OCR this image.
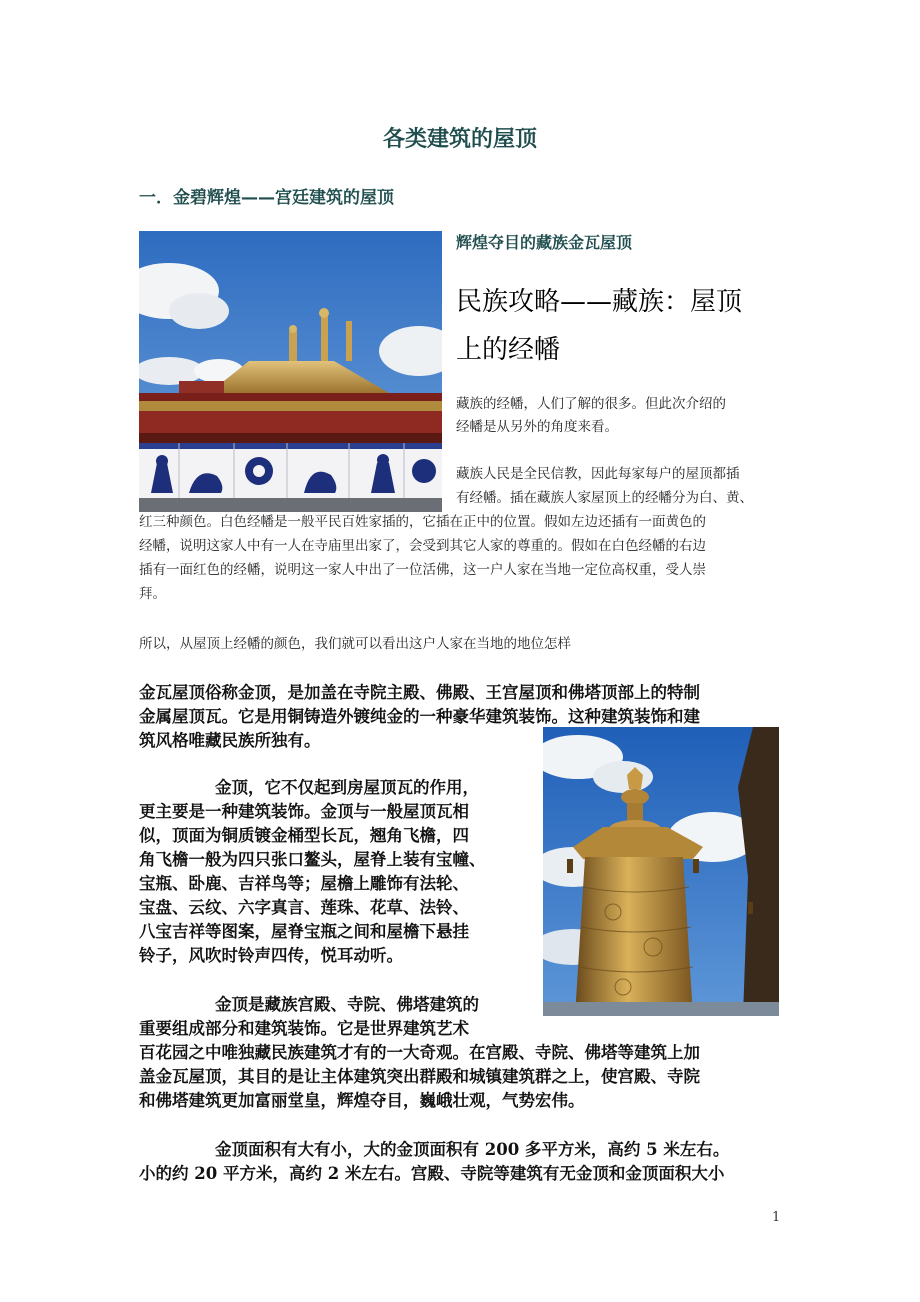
各类建筑的屋顶
一．金碧辉煌——宫廷建筑的屋顶
辉煌夺目的藏族金瓦屋顶
民族攻略——藏族：屋顶
上的经幡
藏族的经幡，人们了解的很多。但此次介绍的
经幡是从另外的角度来看。
藏族人民是全民信教，因此每家每户的屋顶都插
有经幡。插在藏族人家屋顶上的经幡分为白、黄、
红三种颜色。白色经幡是一般平民百姓家插的，它插在正中的位置。假如左边还插有一面黄色的
经幡，说明这家人中有一人在寺庙里出家了，会受到其它人家的尊重的。假如在白色经幡的右边
插有一面红色的经幡，说明这一家人中出了一位活佛，这一户人家在当地一定位高权重，受人崇
拜。
所以，从屋顶上经幡的颜色，我们就可以看出这户人家在当地的地位怎样
金瓦屋顶俗称金顶，是加盖在寺院主殿、佛殿、王宫屋顶和佛塔顶部上的特制
金属屋顶瓦。它是用铜铸造外镀纯金的一种豪华建筑装饰。这种建筑装饰和建
筑风格唯藏民族所独有。
金顶，它不仅起到房屋顶瓦的作用，
更主要是一种建筑装饰。金顶与一般屋顶瓦相
似，顶面为铜质镀金桶型长瓦，翘角飞檐，四
角飞檐一般为四只张口鳌头，屋脊上装有宝幢、
宝瓶、卧鹿、吉祥鸟等；屋檐上雕饰有法轮、
宝盘、云纹、六字真言、莲珠、花草、法铃、
八宝吉祥等图案，屋脊宝瓶之间和屋檐下悬挂
铃子，风吹时铃声四传，悦耳动听。
金顶是藏族宫殿、寺院、佛塔建筑的
重要组成部分和建筑装饰。它是世界建筑艺术
百花园之中唯独藏民族建筑才有的一大奇观。在宫殿、寺院、佛塔等建筑上加
盖金瓦屋顶，其目的是让主体建筑突出群殿和城镇建筑群之上，使宫殿、寺院
和佛塔建筑更加富丽堂皇，辉煌夺目，巍峨壮观，气势宏伟。
金顶面积有大有小，大的金顶面积有 200 多平方米，高约 5 米左右。
小的约 20 平方米，高约 2 米左右。宫殿、寺院等建筑有无金顶和金顶面积大小
1
